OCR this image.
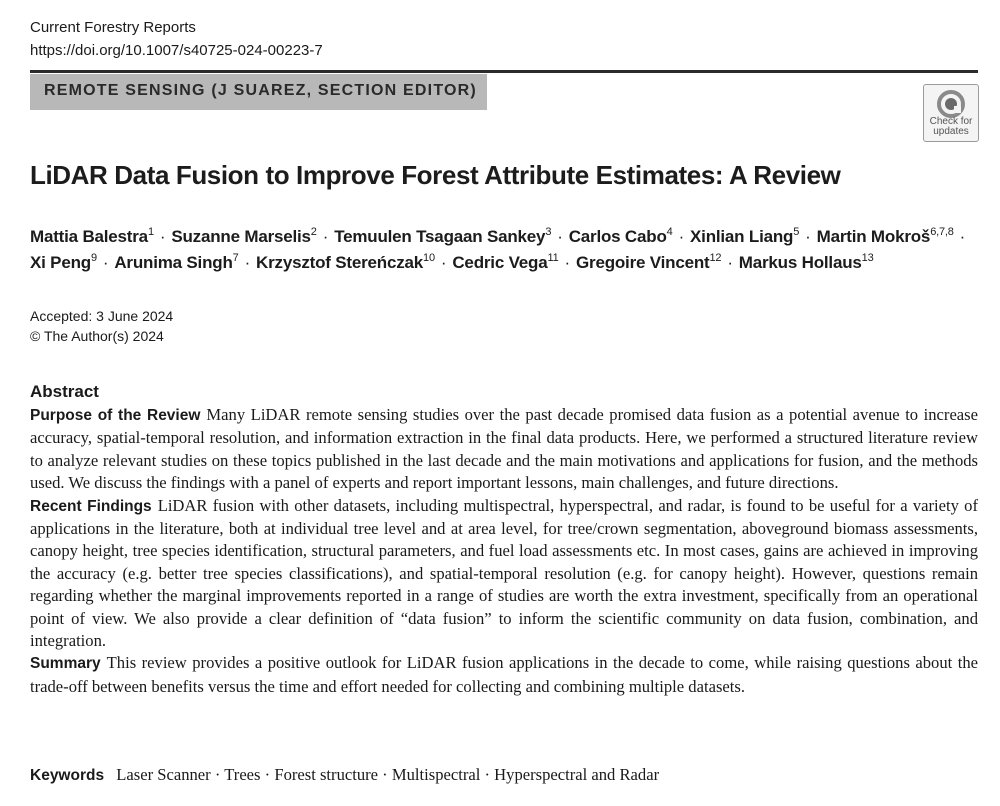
Current Forestry Reports
https://doi.org/10.1007/s40725-024-00223-7
REMOTE SENSING (J SUAREZ, SECTION EDITOR)
Check for
updates
LiDAR Data Fusion to Improve Forest Attribute Estimates: A Review
Mattia Balestra$^1$ · Suzanne Marselis$^2$ · Temuulen Tsagaan Sankey$^3$ · Carlos Cabo$^4$ · Xinlian Liang$^5$ · Martin Mokroš$^{6,7,8}$ ·
Xi Peng$^9$ · Arunima Singh$^7$ · Krzysztof Stereńczak$^{10}$ · Cedric Vega$^{11}$ · Gregoire Vincent$^{12}$ · Markus Hollaus$^{13}$
Accepted: 3 June 2024
© The Author(s) 2024
Abstract

Purpose of the Review Many LiDAR remote sensing studies over the past decade promised data fusion as a potential avenue to increase accuracy, spatial-temporal resolution, and information extraction in the final data products. Here, we performed a structured literature review to analyze relevant studies on these topics published in the last decade and the main motivations and applications for fusion, and the methods used. We discuss the findings with a panel of experts and report important lessons, main challenges, and future directions.

Recent Findings LiDAR fusion with other datasets, including multispectral, hyperspectral, and radar, is found to be useful for a variety of applications in the literature, both at individual tree level and at area level, for tree/crown segmentation, aboveground biomass assessments, canopy height, tree species identification, structural parameters, and fuel load assessments etc. In most cases, gains are achieved in improving the accuracy (e.g. better tree species classifications), and spatial-temporal resolution (e.g. for canopy height). However, questions remain regarding whether the marginal improvements reported in a range of studies are worth the extra investment, specifically from an operational point of view. We also provide a clear definition of “data fusion” to inform the scientific community on data fusion, combination, and integration.

Summary This review provides a positive outlook for LiDAR fusion applications in the decade to come, while raising questions about the trade-off between benefits versus the time and effort needed for collecting and combining multiple datasets.

Keywords Laser Scanner · Trees · Forest structure · Multispectral · Hyperspectral and Radar
